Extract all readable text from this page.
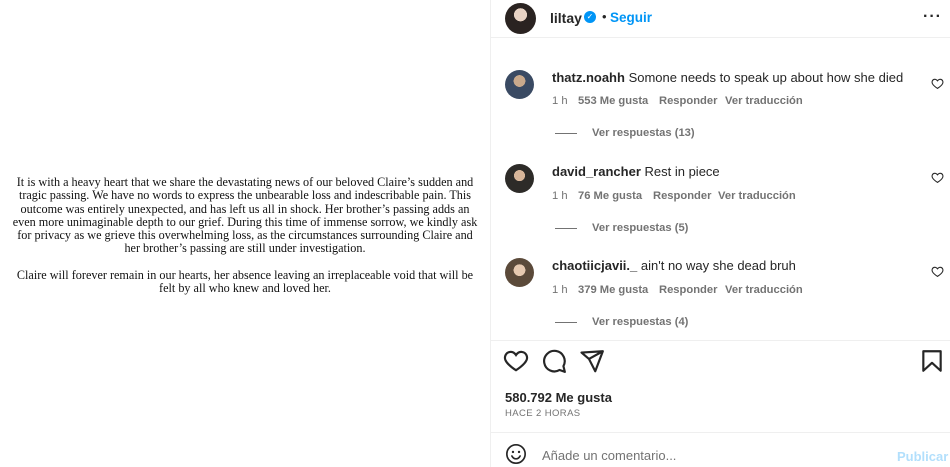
It is with a heavy heart that we share the devastating news of our beloved Claire’s sudden and tragic passing. We have no words to express the unbearable loss and indescribable pain. This outcome was entirely unexpected, and has left us all in shock. Her brother’s passing adds an even more unimaginable depth to our grief. During this time of immense sorrow, we kindly ask for privacy as we grieve this overwhelming loss, as the circumstances surrounding Claire and her brother’s passing are still under investigation.

Claire will forever remain in our hearts, her absence leaving an irreplaceable void that will be felt by all who knew and loved her.

liltay ✓ • Seguir	···
thatz.noahh Somone needs to speak up about how she died
1 h 553 Me gusta Responder Ver traducción
Ver respuestas (13)
david_rancher Rest in piece
1 h 76 Me gusta Responder Ver traducción
Ver respuestas (5)
chaotiicjavii._ ain't no way she dead bruh
1 h 379 Me gusta Responder Ver traducción
Ver respuestas (4)
580.792 Me gusta
HACE 2 HORAS
Añade un comentario...
Publicar
